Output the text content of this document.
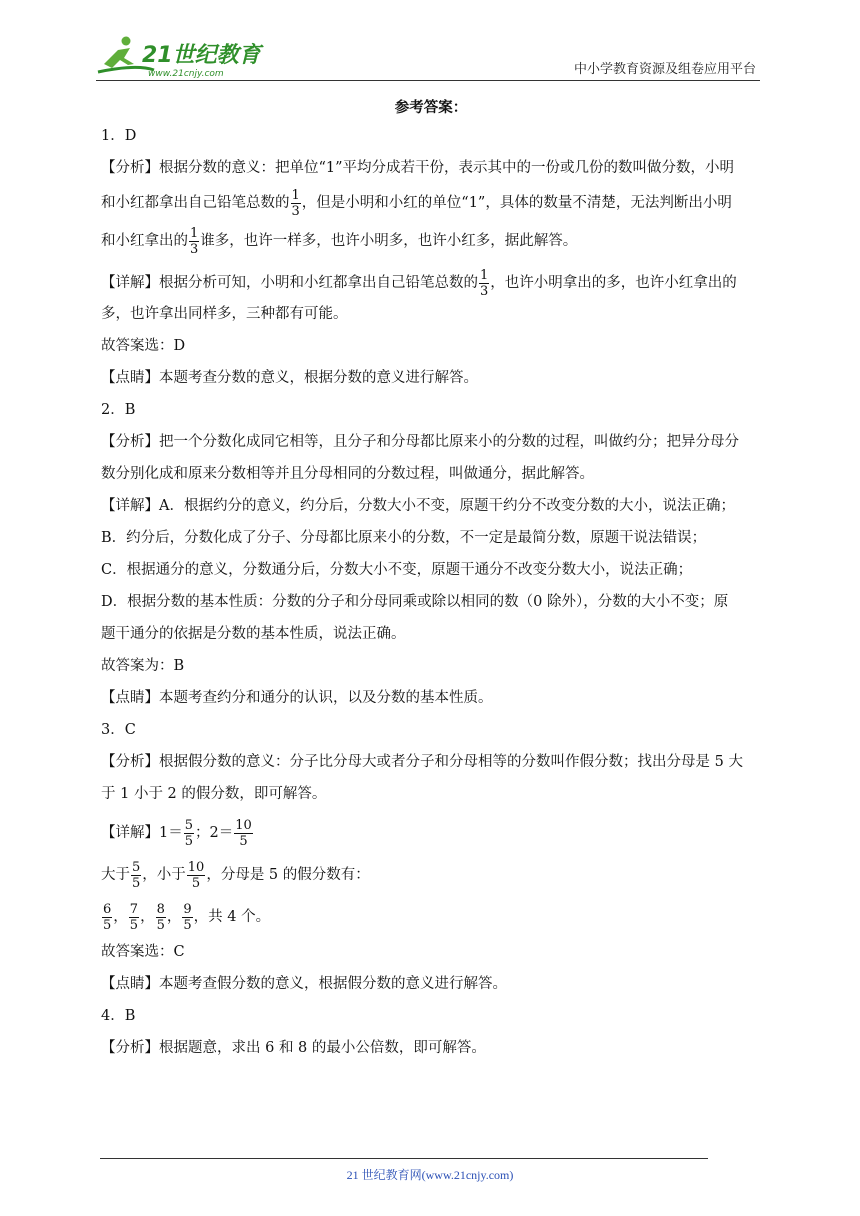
21世纪教育
www.21cnjy.com	中小学教育资源及组卷应用平台
参考答案：
1．D
【分析】根据分数的意义：把单位“1”平均分成若干份，表示其中的一份或几份的数叫做分数，小明
和小红都拿出自己铅笔总数的 $\frac{1}{3}$ ，但是小明和小红的单位“1”，具体的数量不清楚，无法判断出小明
和小红拿出的 $\frac{1}{3}$ 谁多，也许一样多，也许小明多，也许小红多，据此解答。
【详解】根据分析可知，小明和小红都拿出自己铅笔总数的 $\frac{1}{3}$ ，也许小明拿出的多，也许小红拿出的
多，也许拿出同样多，三种都有可能。
故答案选：D
【点睛】本题考查分数的意义，根据分数的意义进行解答。
2．B
【分析】把一个分数化成同它相等，且分子和分母都比原来小的分数的过程，叫做约分；把异分母分
数分别化成和原来分数相等并且分母相同的分数过程，叫做通分，据此解答。
【详解】A．根据约分的意义，约分后，分数大小不变，原题干约分不改变分数的大小，说法正确；
B．约分后，分数化成了分子、分母都比原来小的分数，不一定是最简分数，原题干说法错误；
C．根据通分的意义，分数通分后，分数大小不变，原题干通分不改变分数大小，说法正确；
D．根据分数的基本性质：分数的分子和分母同乘或除以相同的数（0 除外），分数的大小不变；原
题干通分的依据是分数的基本性质，说法正确。
故答案为：B
【点睛】本题考查约分和通分的认识，以及分数的基本性质。
3．C
【分析】根据假分数的意义：分子比分母大或者分子和分母相等的分数叫作假分数；找出分母是 5 大
于 1 小于 2 的假分数，即可解答。
【详解】$1= \frac{5}{5}$ ；$2= \frac{10}{5}$
大于 $\frac{5}{5}$ ，小于 $\frac{10}{5}$ ，分母是 5 的假分数有：
$\frac{6}{5}$ ， $\frac{7}{5}$ ， $\frac{8}{5}$ ， $\frac{9}{5}$ ，共 4 个。
故答案选：C
【点睛】本题考查假分数的意义，根据假分数的意义进行解答。
4．B
【分析】根据题意，求出 6 和 8 的最小公倍数，即可解答。
21 世纪教育网(www.21cnjy.com)
